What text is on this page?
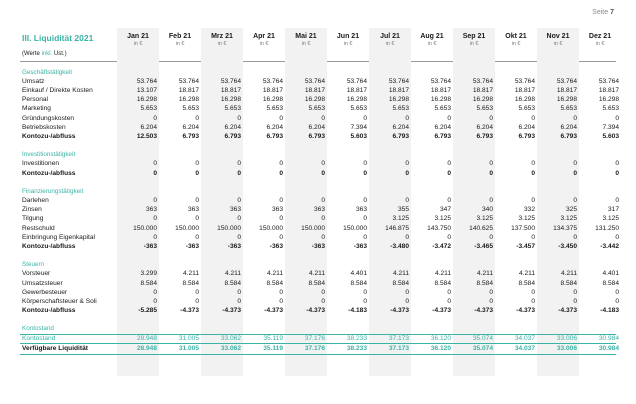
Seite 7
III. Liquidität 2021
(Werte inkl. Ust.)
Jan 21
in €
Feb 21
in €
Mrz 21
in €
Apr 21
in €
Mai 21
in €
Jun 21
in €
Jul 21
in €
Aug 21
in €
Sep 21
in €
Okt 21
in €
Nov 21
in €
Dez 21
in €
Geschäftstätigkeit
Umsatz	53.764	53.764	53.764	53.764	53.764	53.764	53.764	53.764	53.764	53.764	53.764	53.764
Einkauf / Direkte Kosten	13.107	18.817	18.817	18.817	18.817	18.817	18.817	18.817	18.817	18.817	18.817	18.817
Personal	16.298	16.298	16.298	16.298	16.298	16.298	16.298	16.298	16.298	16.298	16.298	16.298
Marketing	5.653	5.653	5.653	5.653	5.653	5.653	5.653	5.653	5.653	5.653	5.653	5.653
Gründungskosten	0	0	0	0	0	0	0	0	0	0	0	0
Betriebskosten	6.204	6.204	6.204	6.204	6.204	7.394	6.204	6.204	6.204	6.204	6.204	7.394
Kontozu-/abfluss	12.503	6.793	6.793	6.793	6.793	5.603	6.793	6.793	6.793	6.793	6.793	5.603
Investitionstätigkeit
Investitionen	0	0	0	0	0	0	0	0	0	0	0	0
Kontozu-/abfluss	0	0	0	0	0	0	0	0	0	0	0	0
Finanzierungstätigkeit
Darlehen	0	0	0	0	0	0	0	0	0	0	0	0
Zinsen	363	363	363	363	363	363	355	347	340	332	325	317
Tilgung	0	0	0	0	0	0	3.125	3.125	3.125	3.125	3.125	3.125
Restschuld	150.000	150.000	150.000	150.000	150.000	150.000	146.875	143.750	140.625	137.500	134.375	131.250
Einbringung Eigenkapital	0	0	0	0	0	0	0	0	0	0	0	0
Kontozu-/abfluss	-363	-363	-363	-363	-363	-363	-3.480	-3.472	-3.465	-3.457	-3.450	-3.442
Steuern
Vorsteuer	3.299	4.211	4.211	4.211	4.211	4.401	4.211	4.211	4.211	4.211	4.211	4.401
Umsatzsteuer	8.584	8.584	8.584	8.584	8.584	8.584	8.584	8.584	8.584	8.584	8.584	8.584
Gewerbesteuer	0	0	0	0	0	0	0	0	0	0	0	0
Körperschaftsteuer & Soli	0	0	0	0	0	0	0	0	0	0	0	0
Kontozu-/abfluss	-5.285	-4.373	-4.373	-4.373	-4.373	-4.183	-4.373	-4.373	-4.373	-4.373	-4.373	-4.183
Kontostand
Kontostand	28.948	31.005	33.062	35.119	37.176	38.233	37.173	36.120	35.074	34.037	33.006	30.984
Verfügbare Liquidität	28.948	31.005	33.062	35.119	37.176	38.233	37.173	36.120	35.074	34.037	33.006	30.984
